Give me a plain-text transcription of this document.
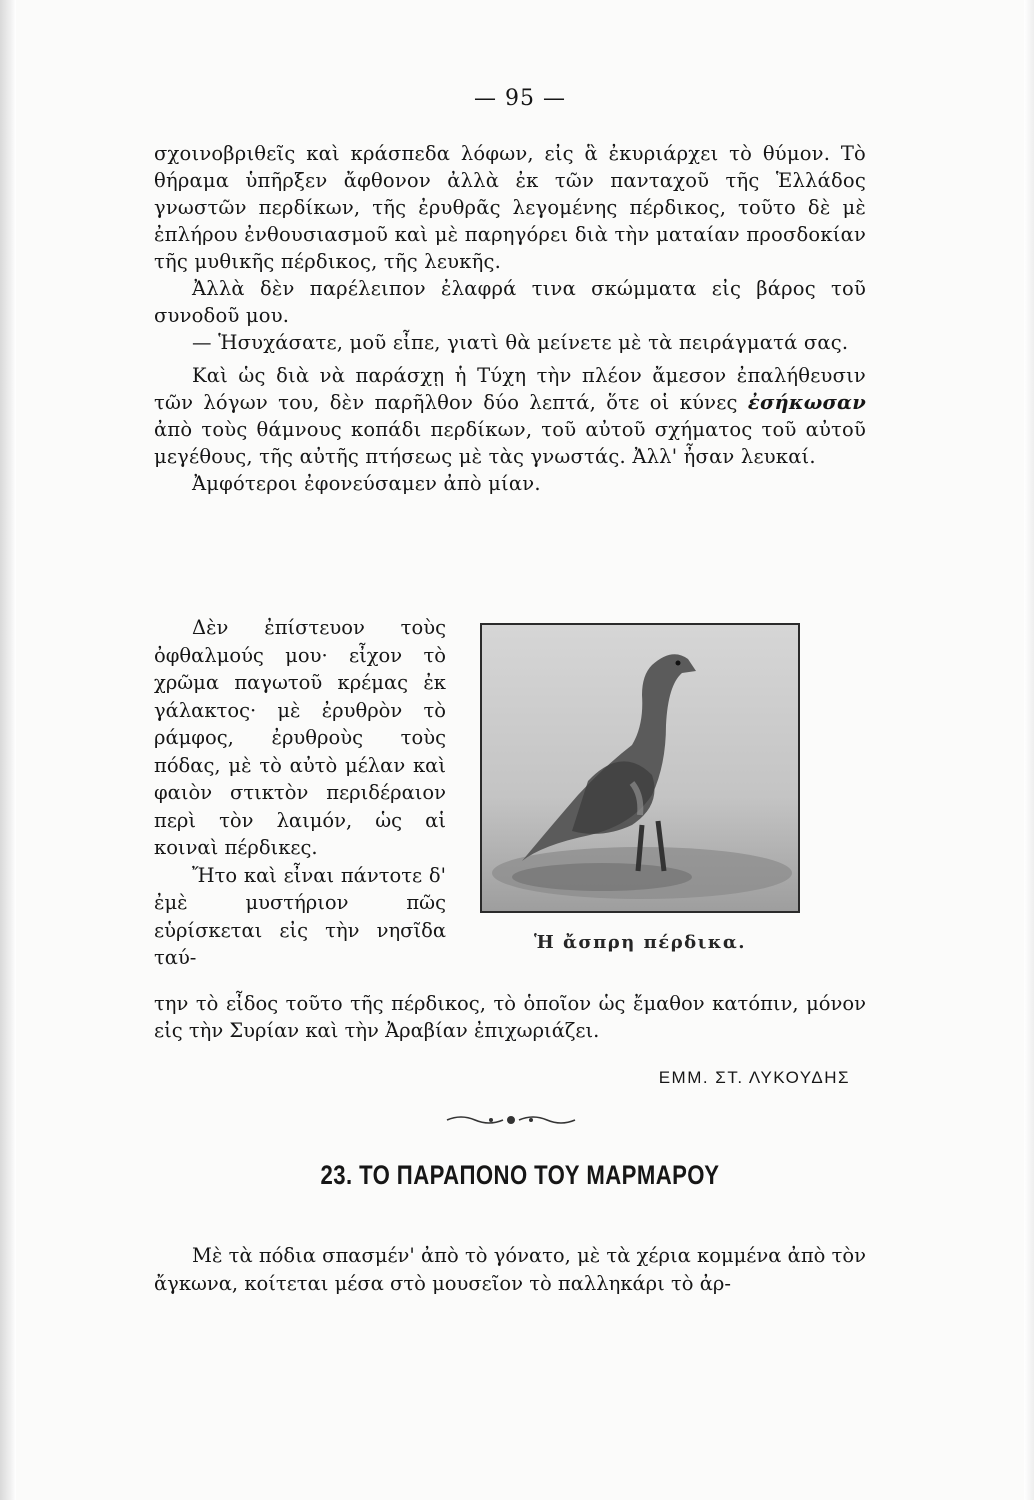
— 95 —

σχοινοβριθεῖς καὶ κράσπεδα λόφων, εἰς ἃ ἐκυριάρχει τὸ θύμον. Τὸ θήραμα ὑπῆρξεν ἄφθονον ἀλλὰ ἐκ τῶν πανταχοῦ τῆς Ἑλλάδος γνωστῶν περδίκων, τῆς ἐρυθρᾶς λεγομένης πέρδικος, τοῦτο δὲ μὲ ἐπλήρου ἐνθουσιασμοῦ καὶ μὲ παρηγόρει διὰ τὴν ματαίαν προσδοκίαν τῆς μυθικῆς πέρδικος, τῆς λευκῆς.

Ἀλλὰ δὲν παρέλειπον ἐλαφρά τινα σκώμματα εἰς βάρος τοῦ συνοδοῦ μου.

— Ἡσυχάσατε, μοῦ εἶπε, γιατὶ θὰ μείνετε μὲ τὰ πειράγματά σας.

Καὶ ὡς διὰ νὰ παράσχῃ ἡ Τύχη τὴν πλέον ἄμεσον ἐπαλήθευσιν τῶν λόγων του, δὲν παρῆλθον δύο λεπτά, ὅτε οἱ κύνες ἐσήκωσαν ἀπὸ τοὺς θάμνους κοπάδι περδίκων, τοῦ αὐτοῦ σχήματος τοῦ αὐτοῦ μεγέθους, τῆς αὐτῆς πτήσεως μὲ τὰς γνωστάς. Ἀλλ' ἦσαν λευκαί.

Ἀμφότεροι ἐφονεύσαμεν ἀπὸ μίαν.

Δὲν ἐπίστευον τοὺς ὀφθαλμούς μου· εἶχον τὸ χρῶμα παγωτοῦ κρέμας ἐκ γάλακτος· μὲ ἐρυθρὸν τὸ ράμφος, ἐρυθροὺς τοὺς πόδας, μὲ τὸ αὐτὸ μέλαν καὶ φαιὸν στικτὸν περιδέραιον περὶ τὸν λαιμόν, ὡς αἱ κοιναὶ πέρδικες.

Ἤτο καὶ εἶναι πάντοτε δ' ἐμὲ μυστήριον πῶς εὑρίσκεται εἰς τὴν νησῖδα ταύ-

Ἡ ἄσπρη πέρδικα.

την τὸ εἶδος τοῦτο τῆς πέρδικος, τὸ ὁποῖον ὡς ἔμαθον κατόπιν, μόνον εἰς τὴν Συρίαν καὶ τὴν Ἀραβίαν ἐπιχωριάζει.

ΕΜΜ. ΣΤ. ΛΥΚΟΥΔΗΣ
23. ΤΟ ΠΑΡΑΠΟΝΟ ΤΟΥ ΜΑΡΜΑΡΟΥ

Μὲ τὰ πόδια σπασμέν' ἀπὸ τὸ γόνατο, μὲ τὰ χέρια κομμένα ἀπὸ τὸν ἄγκωνα, κοίτεται μέσα στὸ μουσεῖον τὸ παλληκάρι τὸ ἀρ-
